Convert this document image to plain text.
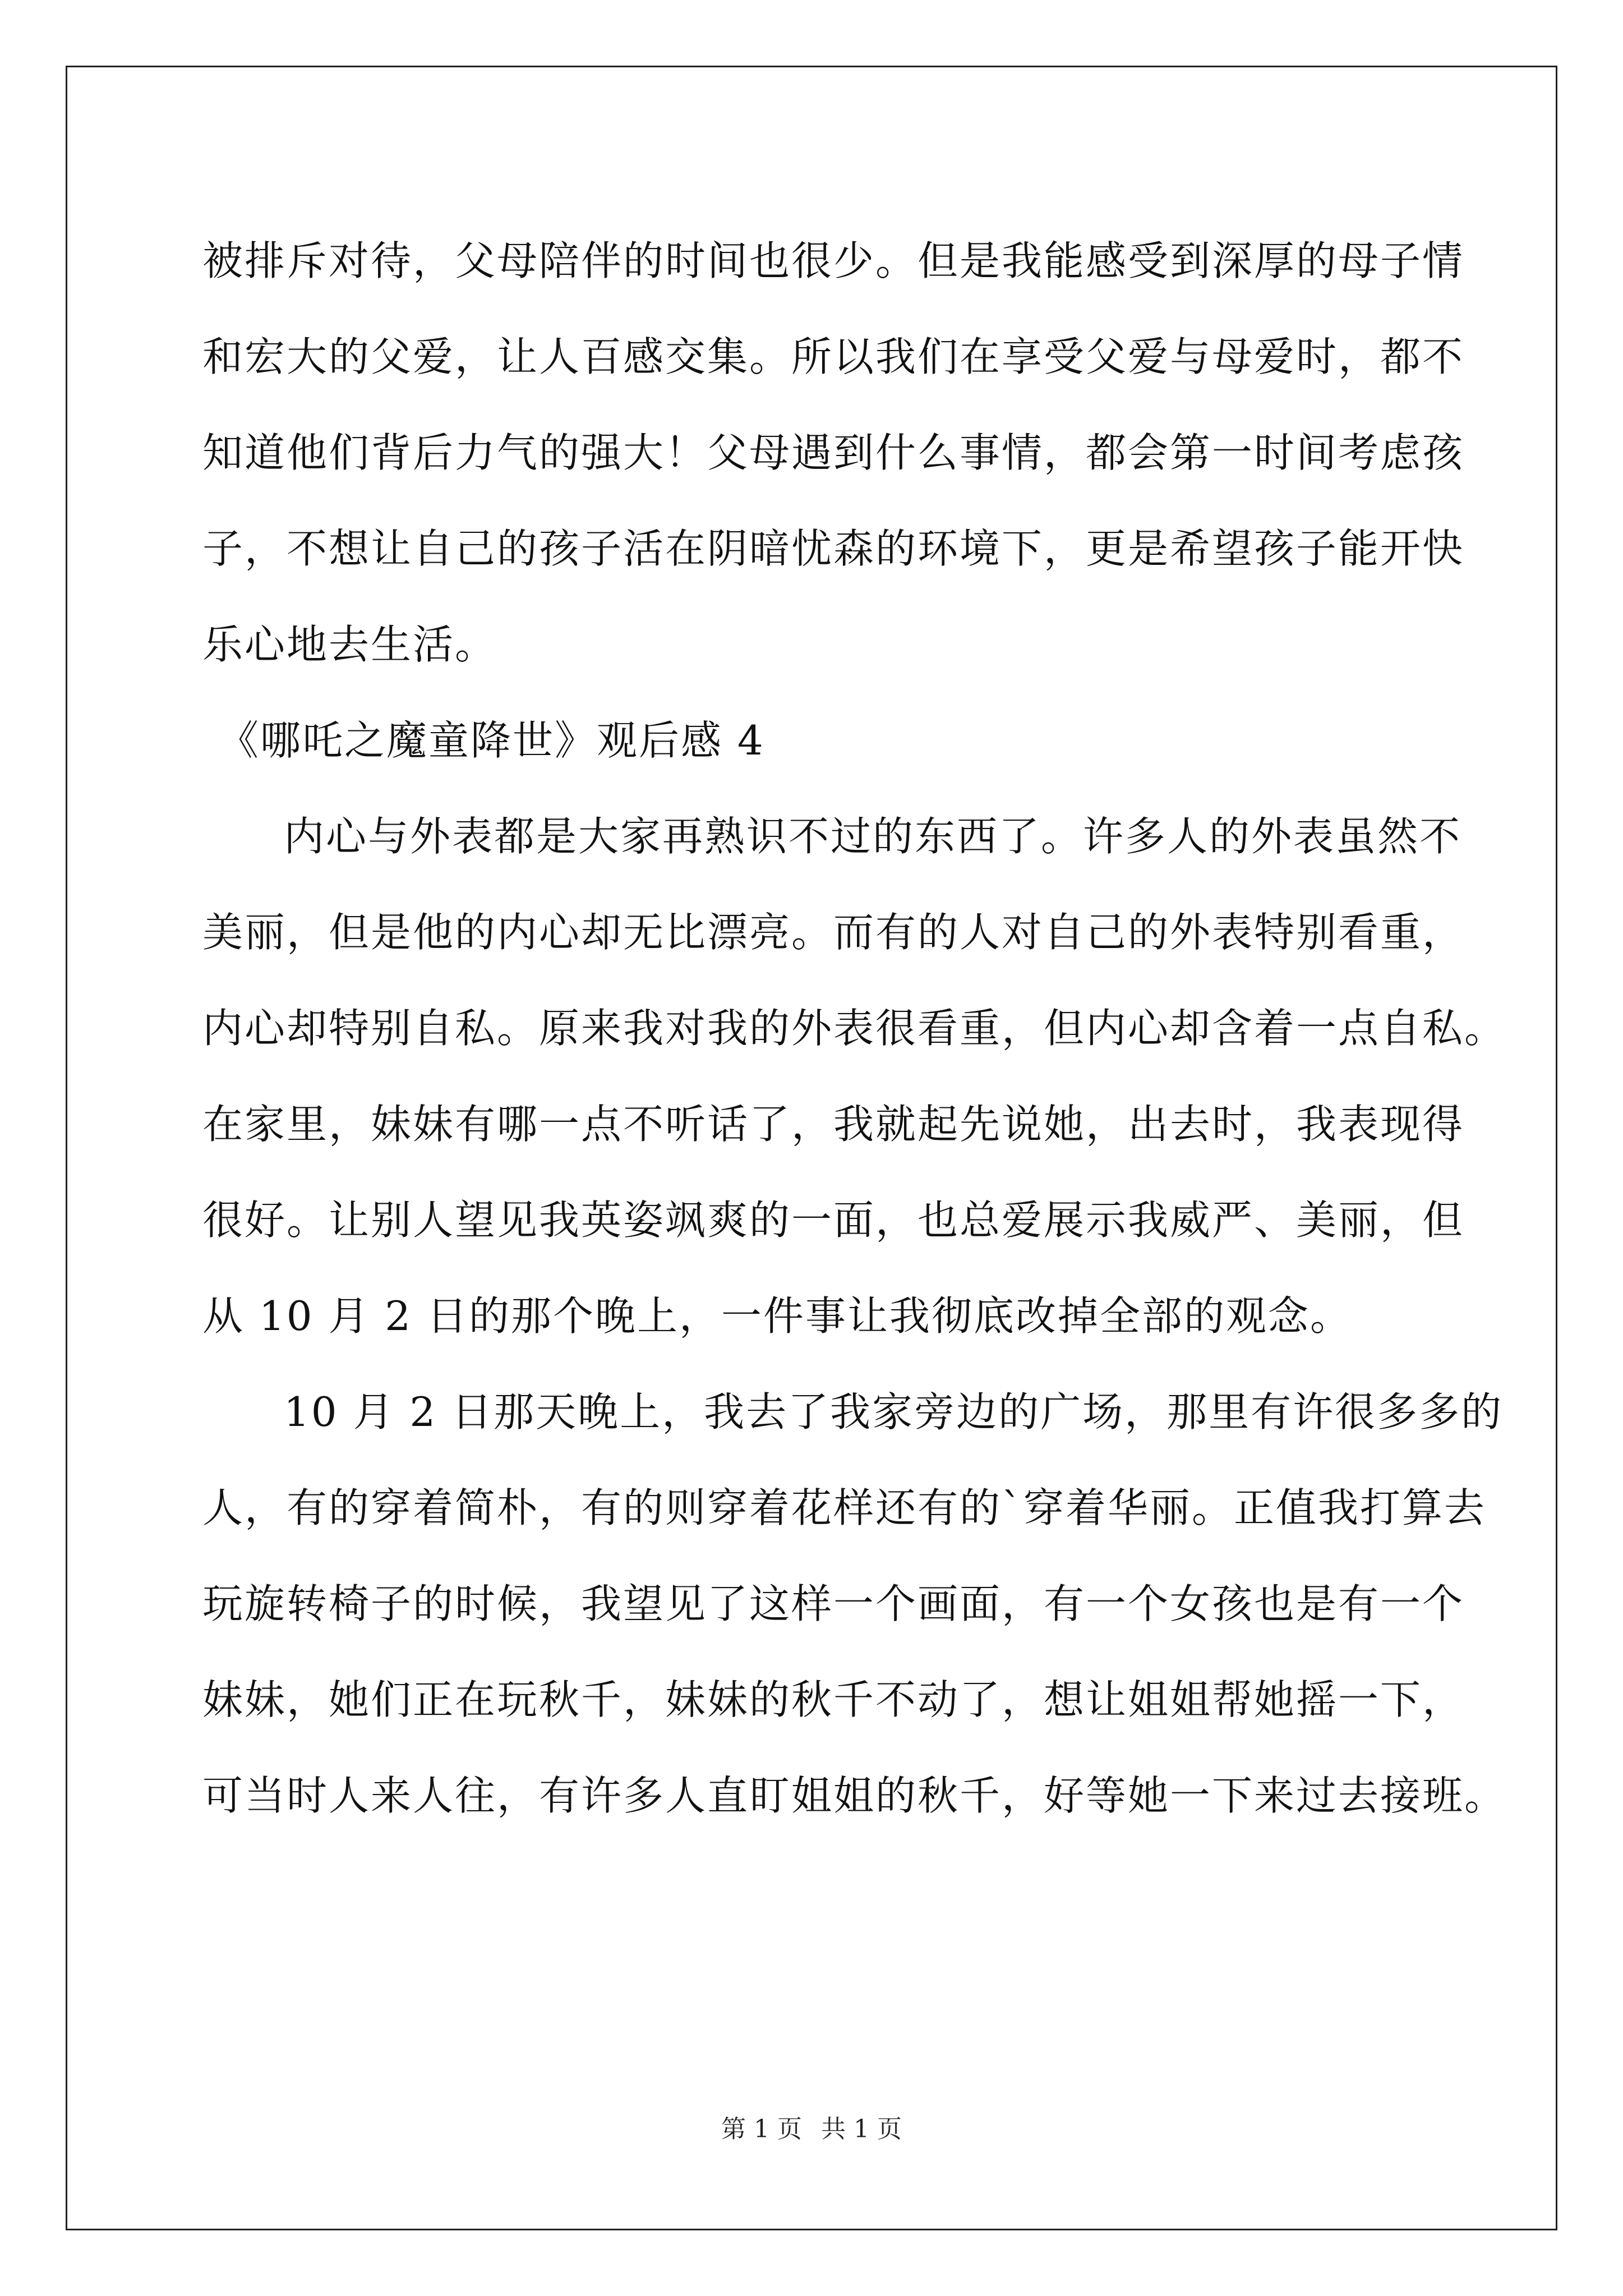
被排斥对待，父母陪伴的时间也很少。但是我能感受到深厚的母子情
和宏大的父爱，让人百感交集。所以我们在享受父爱与母爱时，都不
知道他们背后力气的强大！父母遇到什么事情，都会第一时间考虑孩
子，不想让自己的孩子活在阴暗忧森的环境下，更是希望孩子能开快
乐心地去生活。
《哪吒之魔童降世》观后感 4
内心与外表都是大家再熟识不过的东西了。许多人的外表虽然不
美丽，但是他的内心却无比漂亮。而有的人对自己的外表特别看重，
内心却特别自私。原来我对我的外表很看重，但内心却含着一点自私。
在家里，妹妹有哪一点不听话了，我就起先说她，出去时，我表现得
很好。让别人望见我英姿飒爽的一面，也总爱展示我威严、美丽，但
从 10 月 2 日的那个晚上，一件事让我彻底改掉全部的观念。
10 月 2 日那天晚上，我去了我家旁边的广场，那里有许很多多的
人，有的穿着简朴，有的则穿着花样还有的`穿着华丽。正值我打算去
玩旋转椅子的时候，我望见了这样一个画面，有一个女孩也是有一个
妹妹，她们正在玩秋千，妹妹的秋千不动了，想让姐姐帮她摇一下，
可当时人来人往，有许多人直盯姐姐的秋千，好等她一下来过去接班。
第 1 页 共 1 页
